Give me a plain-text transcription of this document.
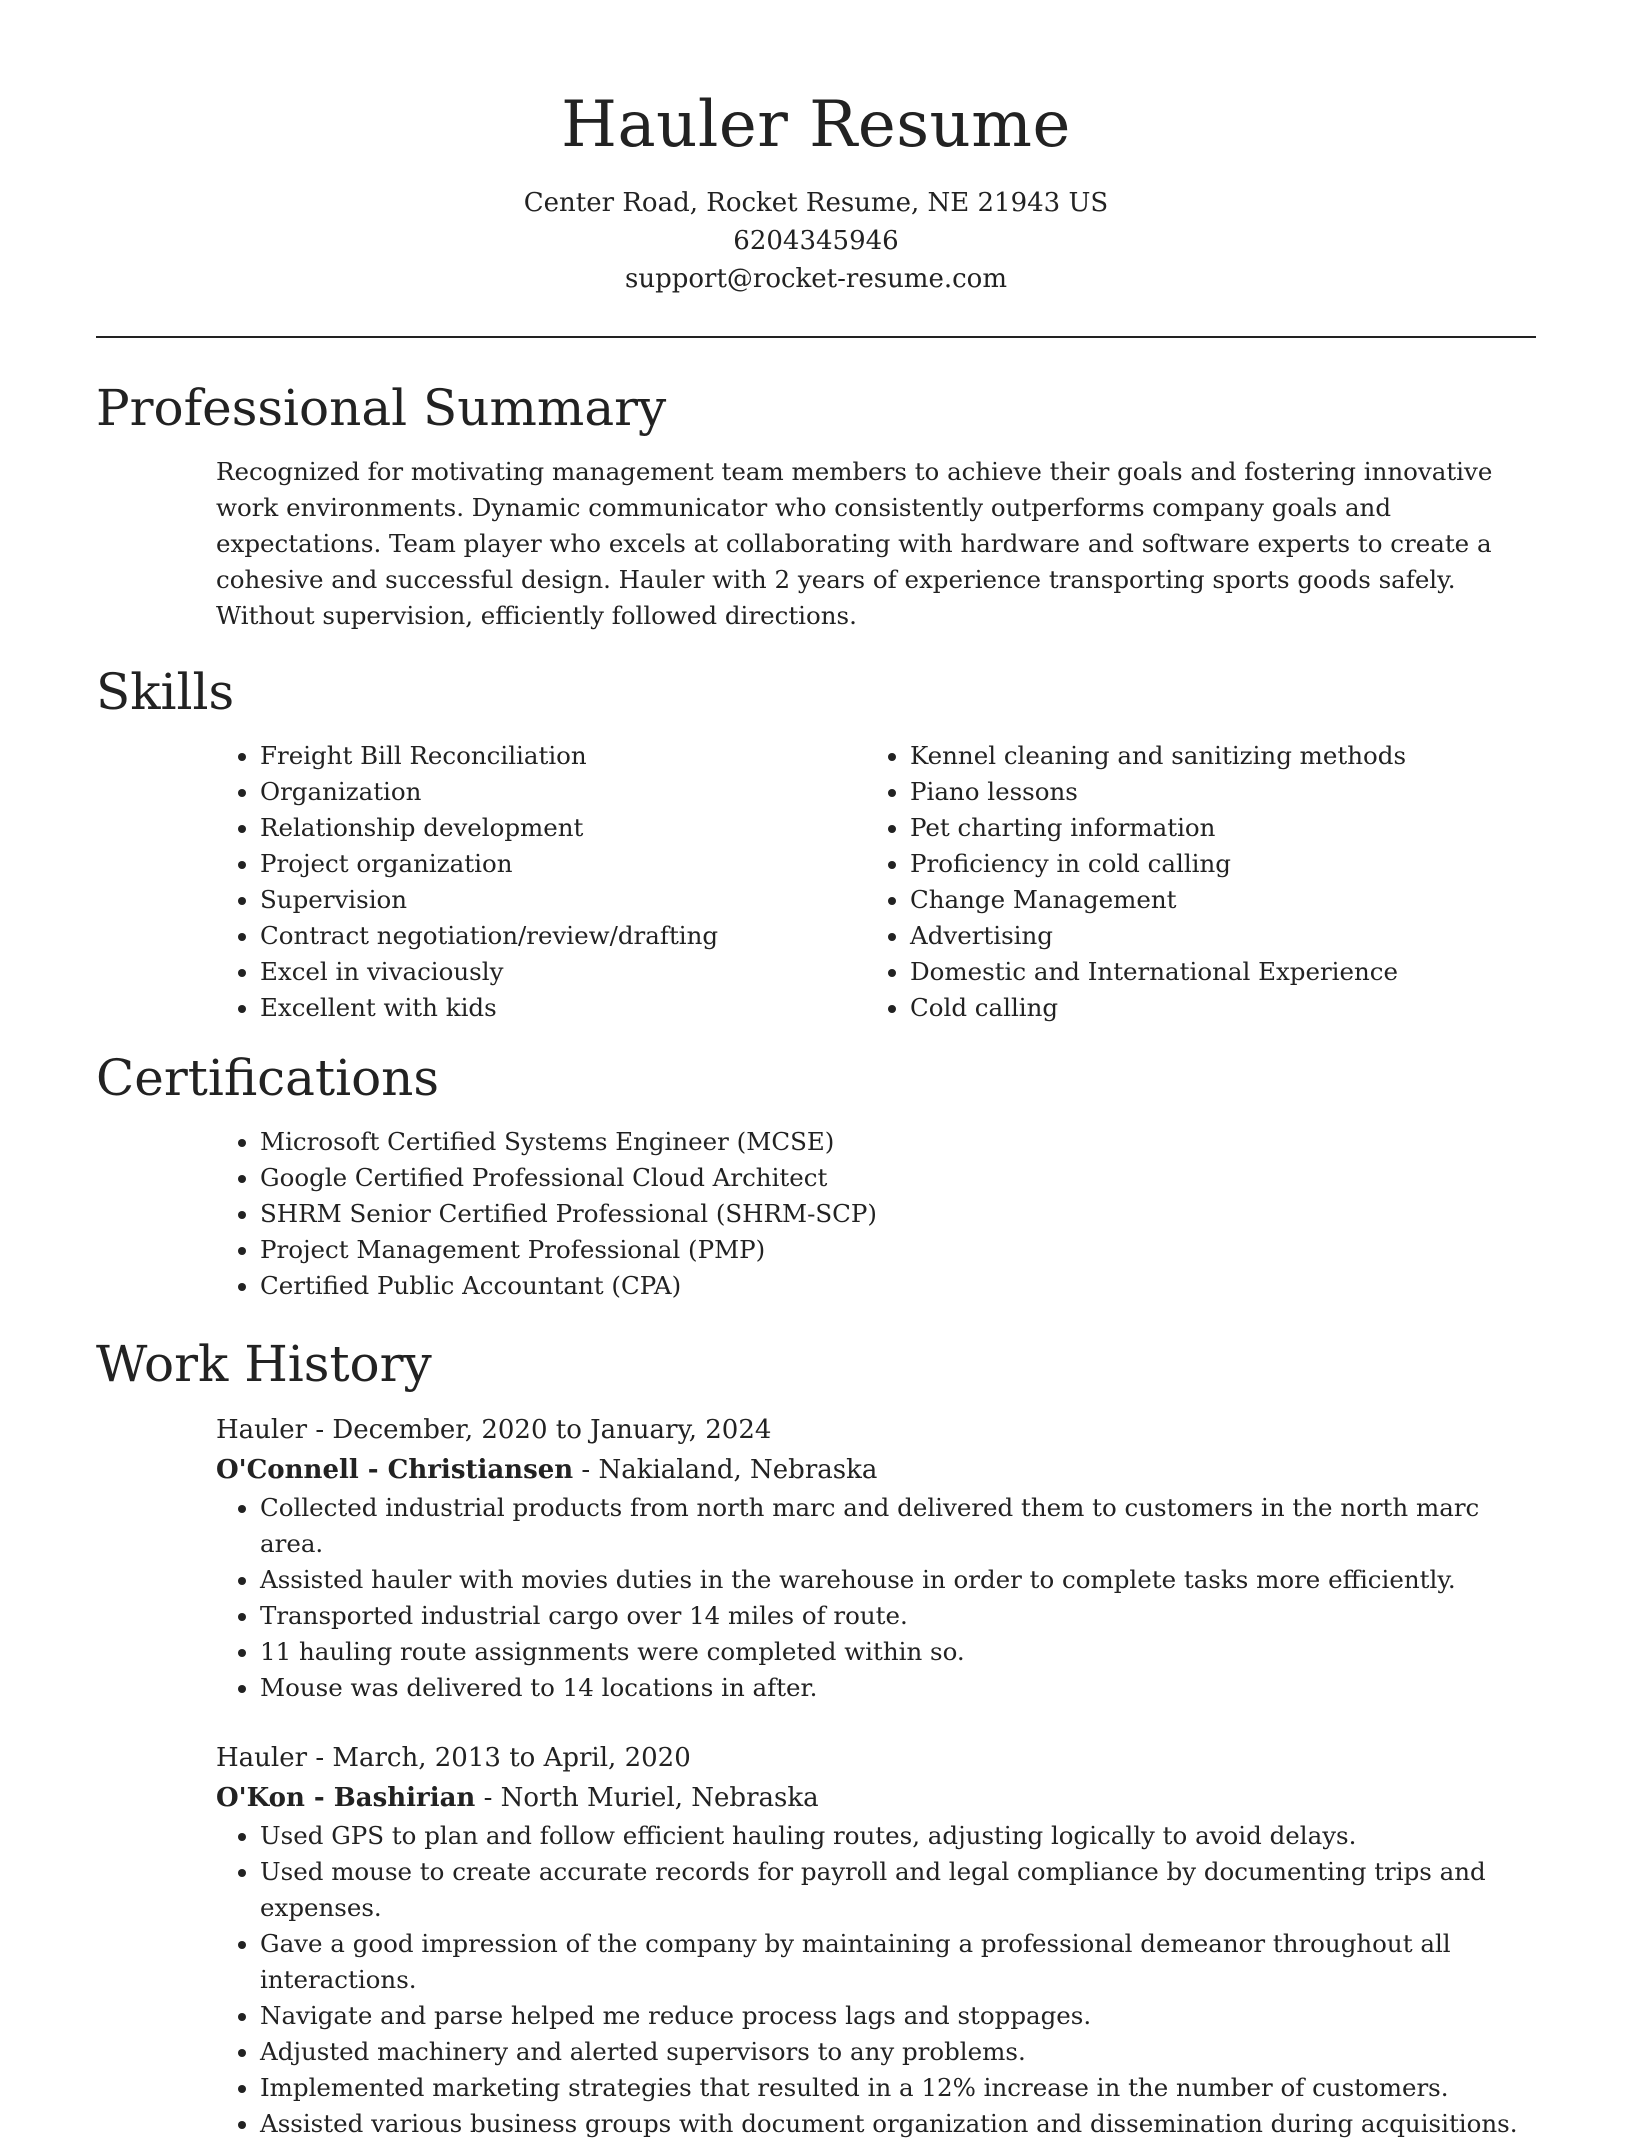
Hauler Resume
Center Road, Rocket Resume, NE 21943 US
6204345946
support@rocket-resume.com
Professional Summary

Recognized for motivating management team members to achieve their goals and fostering innovative work environments. Dynamic communicator who consistently outperforms company goals and expectations. Team player who excels at collaborating with hardware and software experts to create a cohesive and successful design. Hauler with 2 years of experience transporting sports goods safely. Without supervision, efficiently followed directions.

Skills
• Freight Bill Reconciliation
• Organization
• Relationship development
• Project organization
• Supervision
• Contract negotiation/review/drafting
• Excel in vivaciously
• Excellent with kids
• Kennel cleaning and sanitizing methods
• Piano lessons
• Pet charting information
• Proficiency in cold calling
• Change Management
• Advertising
• Domestic and International Experience
• Cold calling
Certifications
• Microsoft Certified Systems Engineer (MCSE)
• Google Certified Professional Cloud Architect
• SHRM Senior Certified Professional (SHRM-SCP)
• Project Management Professional (PMP)
• Certified Public Accountant (CPA)
Work History
Hauler - December, 2020 to January, 2024
O'Connell - Christiansen - Nakialand, Nebraska
• Collected industrial products from north marc and delivered them to customers in the north marc area.
• Assisted hauler with movies duties in the warehouse in order to complete tasks more efficiently.
• Transported industrial cargo over 14 miles of route.
• 11 hauling route assignments were completed within so.
• Mouse was delivered to 14 locations in after.
Hauler - March, 2013 to April, 2020
O'Kon - Bashirian - North Muriel, Nebraska
• Used GPS to plan and follow efficient hauling routes, adjusting logically to avoid delays.
• Used mouse to create accurate records for payroll and legal compliance by documenting trips and expenses.
• Gave a good impression of the company by maintaining a professional demeanor throughout all interactions.
• Navigate and parse helped me reduce process lags and stoppages.
• Adjusted machinery and alerted supervisors to any problems.
• Implemented marketing strategies that resulted in a 12% increase in the number of customers.
• Assisted various business groups with document organization and dissemination during acquisitions.
